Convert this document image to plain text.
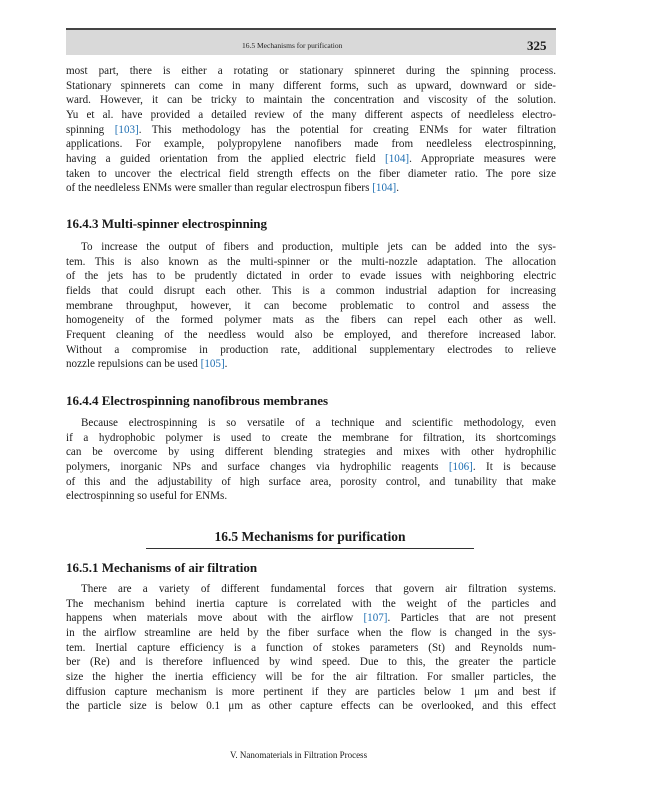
16.5 Mechanisms for purification	325
most part, there is either a rotating or stationary spinneret during the spinning process.
Stationary spinnerets can come in many different forms, such as upward, downward or side-
ward. However, it can be tricky to maintain the concentration and viscosity of the solution.
Yu et al. have provided a detailed review of the many different aspects of needleless electro-
spinning [103]. This methodology has the potential for creating ENMs for water filtration
applications. For example, polypropylene nanofibers made from needleless electrospinning,
having a guided orientation from the applied electric field [104]. Appropriate measures were
taken to uncover the electrical field strength effects on the fiber diameter ratio. The pore size
of the needleless ENMs were smaller than regular electrospun fibers [104].
16.4.3 Multi-spinner electrospinning
To increase the output of fibers and production, multiple jets can be added into the sys-
tem. This is also known as the multi-spinner or the multi-nozzle adaptation. The allocation
of the jets has to be prudently dictated in order to evade issues with neighboring electric
fields that could disrupt each other. This is a common industrial adaption for increasing
membrane throughput, however, it can become problematic to control and assess the
homogeneity of the formed polymer mats as the fibers can repel each other as well.
Frequent cleaning of the needless would also be employed, and therefore increased labor.
Without a compromise in production rate, additional supplementary electrodes to relieve
nozzle repulsions can be used [105].
16.4.4 Electrospinning nanofibrous membranes
Because electrospinning is so versatile of a technique and scientific methodology, even
if a hydrophobic polymer is used to create the membrane for filtration, its shortcomings
can be overcome by using different blending strategies and mixes with other hydrophilic
polymers, inorganic NPs and surface changes via hydrophilic reagents [106]. It is because
of this and the adjustability of high surface area, porosity control, and tunability that make
electrospinning so useful for ENMs.
16.5 Mechanisms for purification
16.5.1 Mechanisms of air filtration
There are a variety of different fundamental forces that govern air filtration systems.
The mechanism behind inertia capture is correlated with the weight of the particles and
happens when materials move about with the airflow [107]. Particles that are not present
in the airflow streamline are held by the fiber surface when the flow is changed in the sys-
tem. Inertial capture efficiency is a function of stokes parameters (St) and Reynolds num-
ber (Re) and is therefore influenced by wind speed. Due to this, the greater the particle
size the higher the inertia efficiency will be for the air filtration. For smaller particles, the
diffusion capture mechanism is more pertinent if they are particles below 1 μm and best if
the particle size is below 0.1 μm as other capture effects can be overlooked, and this effect
V. Nanomaterials in Filtration Process
